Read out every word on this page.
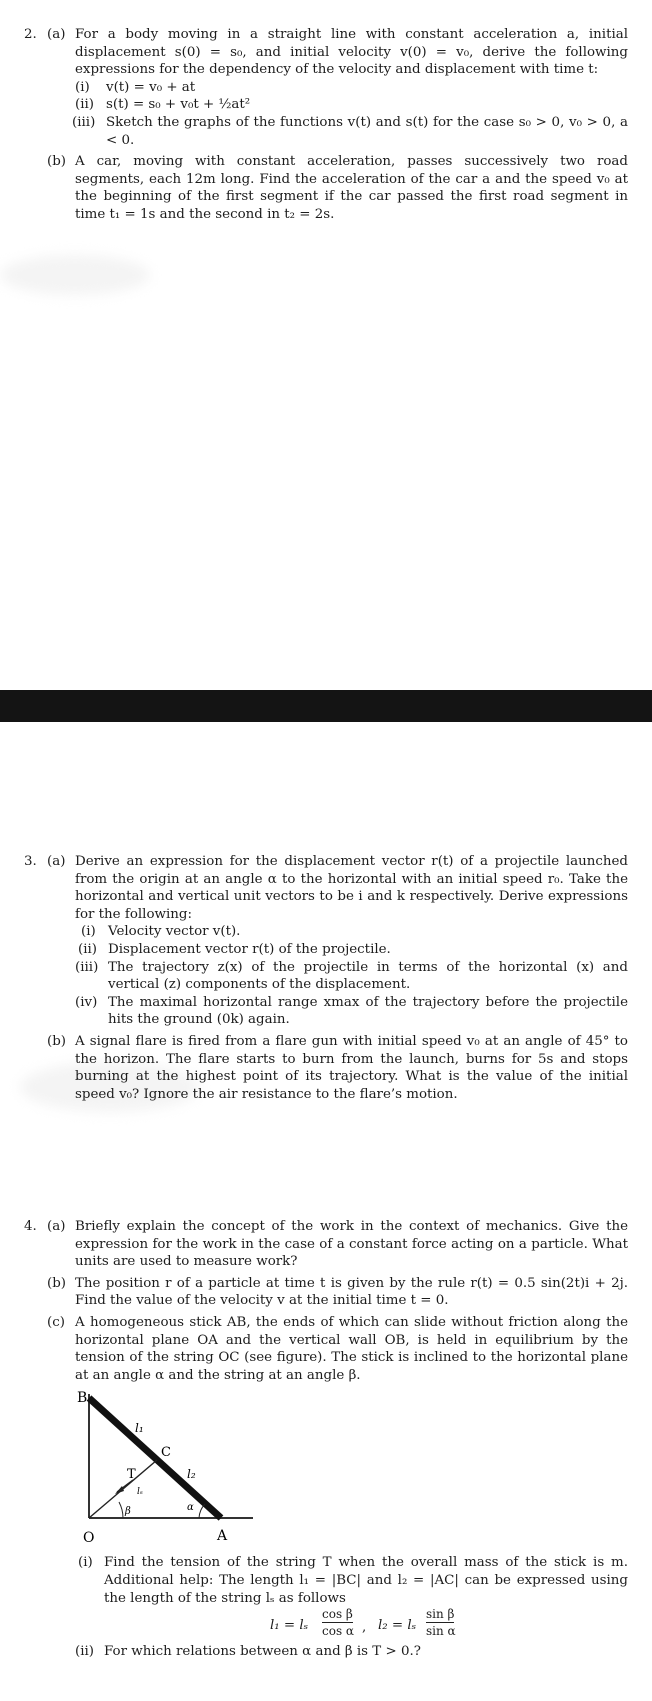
2. (a) For a body moving in a straight line with constant acceleration a, initial displacement s(0) = s₀, and initial velocity v(0) = v₀, derive the following expressions for the dependency of the velocity and displacement with time t:
(i) v(t) = v₀ + at
(ii) s(t) = s₀ + v₀t + ½at²
(iii) Sketch the graphs of the functions v(t) and s(t) for the case s₀ > 0, v₀ > 0, a < 0.
(b) A car, moving with constant acceleration, passes successively two road segments, each 12m long. Find the acceleration of the car a and the speed v₀ at the beginning of the first segment if the car passed the first road segment in time t₁ = 1s and the second in t₂ = 2s.
3. (a) Derive an expression for the displacement vector r(t) of a projectile launched from the origin at an angle α to the horizontal with an initial speed r₀. Take the horizontal and vertical unit vectors to be i and k respectively. Derive expressions for the following:
(i) Velocity vector v(t).
(ii) Displacement vector r(t) of the projectile.
(iii) The trajectory z(x) of the projectile in terms of the horizontal (x) and vertical (z) components of the displacement.
(iv) The maximal horizontal range xmax of the trajectory before the projectile hits the ground (0k) again.
(b) A signal flare is fired from a flare gun with initial speed v₀ at an angle of 45° to the horizon. The flare starts to burn from the launch, burns for 5s and stops burning at the highest point of its trajectory. What is the value of the initial speed v₀? Ignore the air resistance to the flare’s motion.
4. (a) Briefly explain the concept of the work in the context of mechanics. Give the expression for the work in the case of a constant force acting on a particle. What units are used to measure work?
(b) The position r of a particle at time t is given by the rule r(t) = 0.5 sin(2t)i + 2j. Find the value of the velocity v at the initial time t = 0.
(c) A homogeneous stick AB, the ends of which can slide without friction along the horizontal plane OA and the vertical wall OB, is held in equilibrium by the tension of the string OC (see figure). The stick is inclined to the horizontal plane at an angle α and the string at an angle β.
B
C
l₁
l₂
T
lₛ
β	α
O	A
(i) Find the tension of the string T when the overall mass of the stick is m. Additional help: The length l₁ = |BC| and l₂ = |AC| can be expressed using the length of the string lₛ as follows
l₁ = lₛ
cos β
cos α , l₂ = lₛ
sin β
sin α
(ii) For which relations between α and β is T > 0.?
